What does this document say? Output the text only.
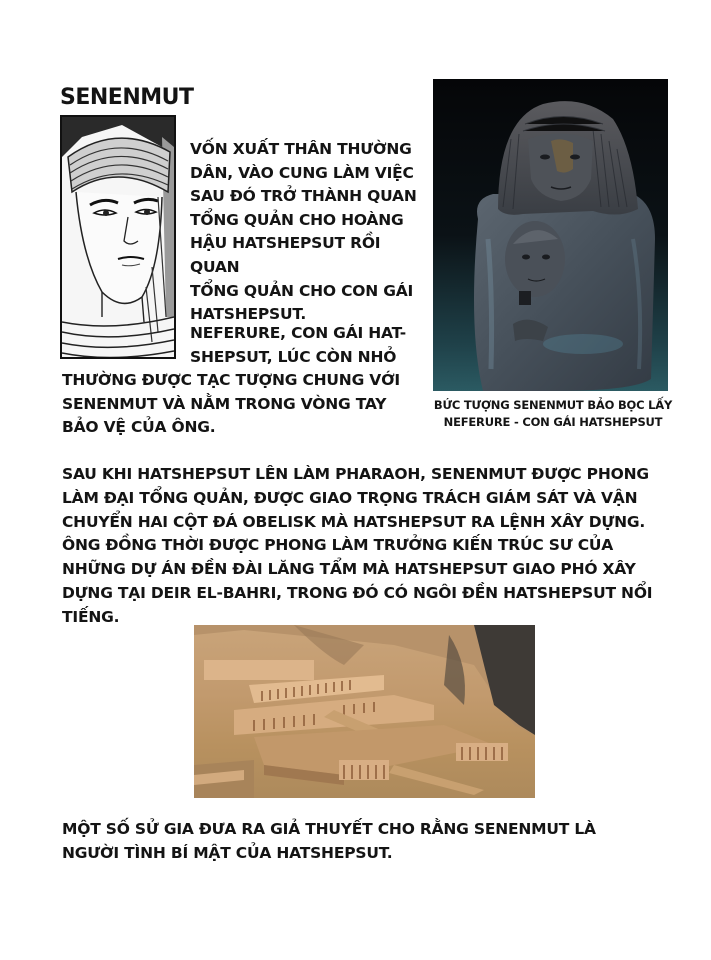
SENENMUT
VỐN XUẤT THÂN THƯỜNG
DÂN, VÀO CUNG LÀM VIỆC
SAU ĐÓ TRỞ THÀNH QUAN
TỔNG QUẢN CHO HOÀNG
HẬU HATSHEPSUT RỒI QUAN
TỔNG QUẢN CHO CON GÁI
HATSHEPSUT.
NEFERURE, CON GÁI HAT-
SHEPSUT, LÚC CÒN NHỎ
THƯỜNG ĐƯỢC TẠC TƯỢNG CHUNG VỚI
SENENMUT VÀ NẰM TRONG VÒNG TAY
BẢO VỆ CỦA ÔNG.
BỨC TƯỢNG SENENMUT BẢO BỌC LẤY
NEFERURE - CON GÁI HATSHEPSUT
SAU KHI HATSHEPSUT LÊN LÀM PHARAOH, SENENMUT ĐƯỢC PHONG
LÀM ĐẠI TỔNG QUẢN, ĐƯỢC GIAO TRỌNG TRÁCH GIÁM SÁT VÀ VẬN
CHUYỂN HAI CỘT ĐÁ OBELISK MÀ HATSHEPSUT RA LỆNH XÂY DỰNG.
ÔNG ĐỒNG THỜI ĐƯỢC PHONG LÀM TRƯỞNG KIẾN TRÚC SƯ CỦA
NHỮNG DỰ ÁN ĐỀN ĐÀI LĂNG TẨM MÀ HATSHEPSUT GIAO PHÓ XÂY
DỰNG TẠI DEIR EL-BAHRI, TRONG ĐÓ CÓ NGÔI ĐỀN HATSHEPSUT NỔI
TIẾNG.
MỘT SỐ SỬ GIA ĐƯA RA GIẢ THUYẾT CHO RẰNG SENENMUT LÀ
NGƯỜI TÌNH BÍ MẬT CỦA HATSHEPSUT.
